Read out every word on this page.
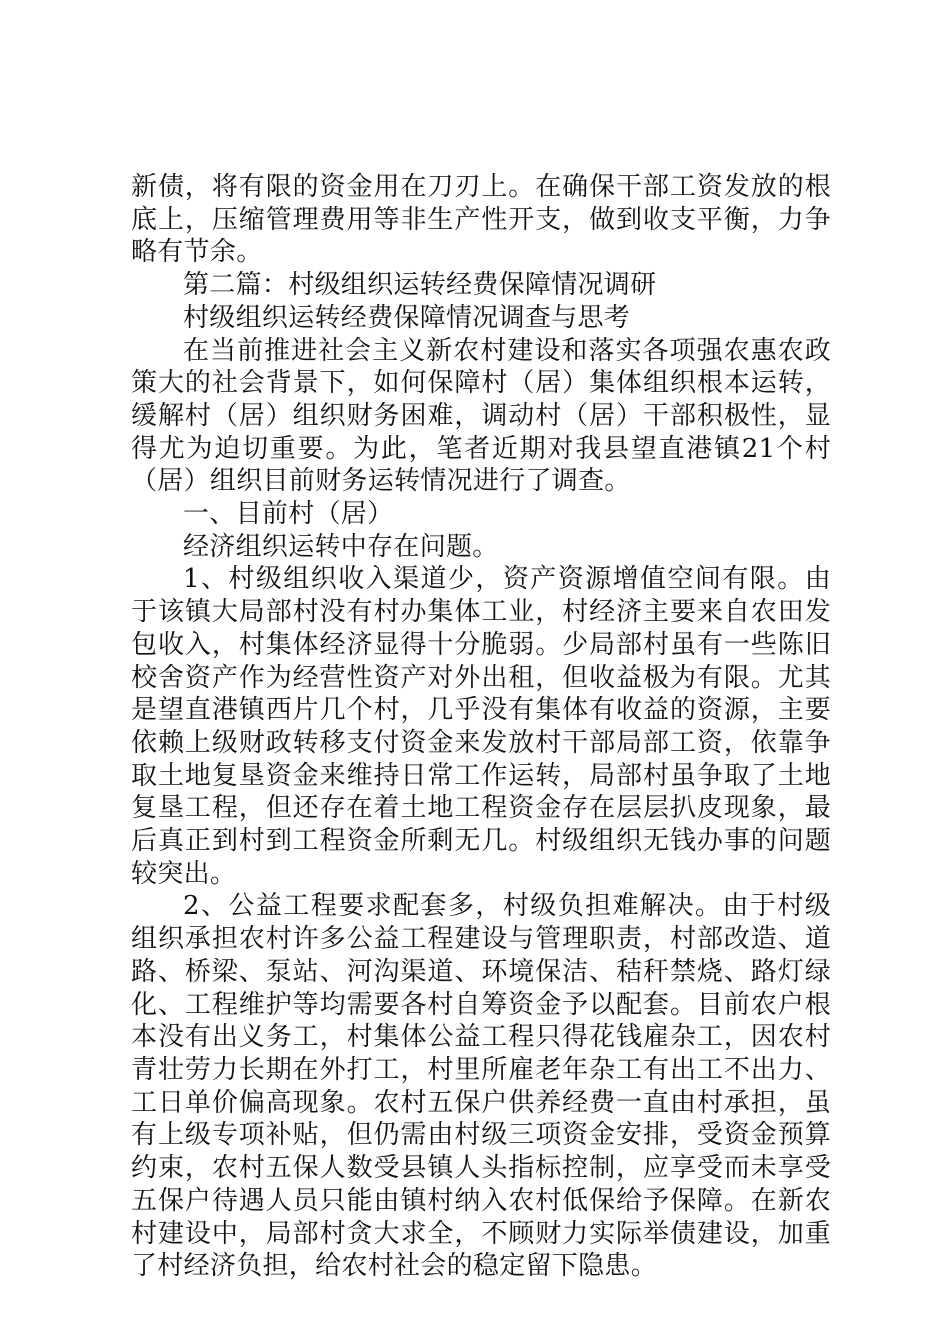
新债，将有限的资金用在刀刃上。在确保干部工资发放的根底上，压缩管理费用等非生产性开支，做到收支平衡，力争略有节余。

第二篇：村级组织运转经费保障情况调研

村级组织运转经费保障情况调查与思考

在当前推进社会主义新农村建设和落实各项强农惠农政策大的社会背景下，如何保障村（居）集体组织根本运转，缓解村（居）组织财务困难，调动村（居）干部积极性，显得尤为迫切重要。为此，笔者近期对我县望直港镇21个村（居）组织目前财务运转情况进行了调查。

一、目前村（居）

经济组织运转中存在问题。

1、村级组织收入渠道少，资产资源增值空间有限。由于该镇大局部村没有村办集体工业，村经济主要来自农田发包收入，村集体经济显得十分脆弱。少局部村虽有一些陈旧校舍资产作为经营性资产对外出租，但收益极为有限。尤其是望直港镇西片几个村，几乎没有集体有收益的资源，主要依赖上级财政转移支付资金来发放村干部局部工资，依靠争取土地复垦资金来维持日常工作运转，局部村虽争取了土地复垦工程，但还存在着土地工程资金存在层层扒皮现象，最后真正到村到工程资金所剩无几。村级组织无钱办事的问题较突出。

2、公益工程要求配套多，村级负担难解决。由于村级组织承担农村许多公益工程建设与管理职责，村部改造、道路、桥梁、泵站、河沟渠道、环境保洁、秸秆禁烧、路灯绿化、工程维护等均需要各村自筹资金予以配套。目前农户根本没有出义务工，村集体公益工程只得花钱雇杂工，因农村青壮劳力长期在外打工，村里所雇老年杂工有出工不出力、工日单价偏高现象。农村五保户供养经费一直由村承担，虽有上级专项补贴，但仍需由村级三项资金安排，受资金预算约束，农村五保人数受县镇人头指标控制，应享受而未享受五保户待遇人员只能由镇村纳入农村低保给予保障。在新农村建设中，局部村贪大求全，不顾财力实际举债建设，加重了村经济负担，给农村社会的稳定留下隐患。
